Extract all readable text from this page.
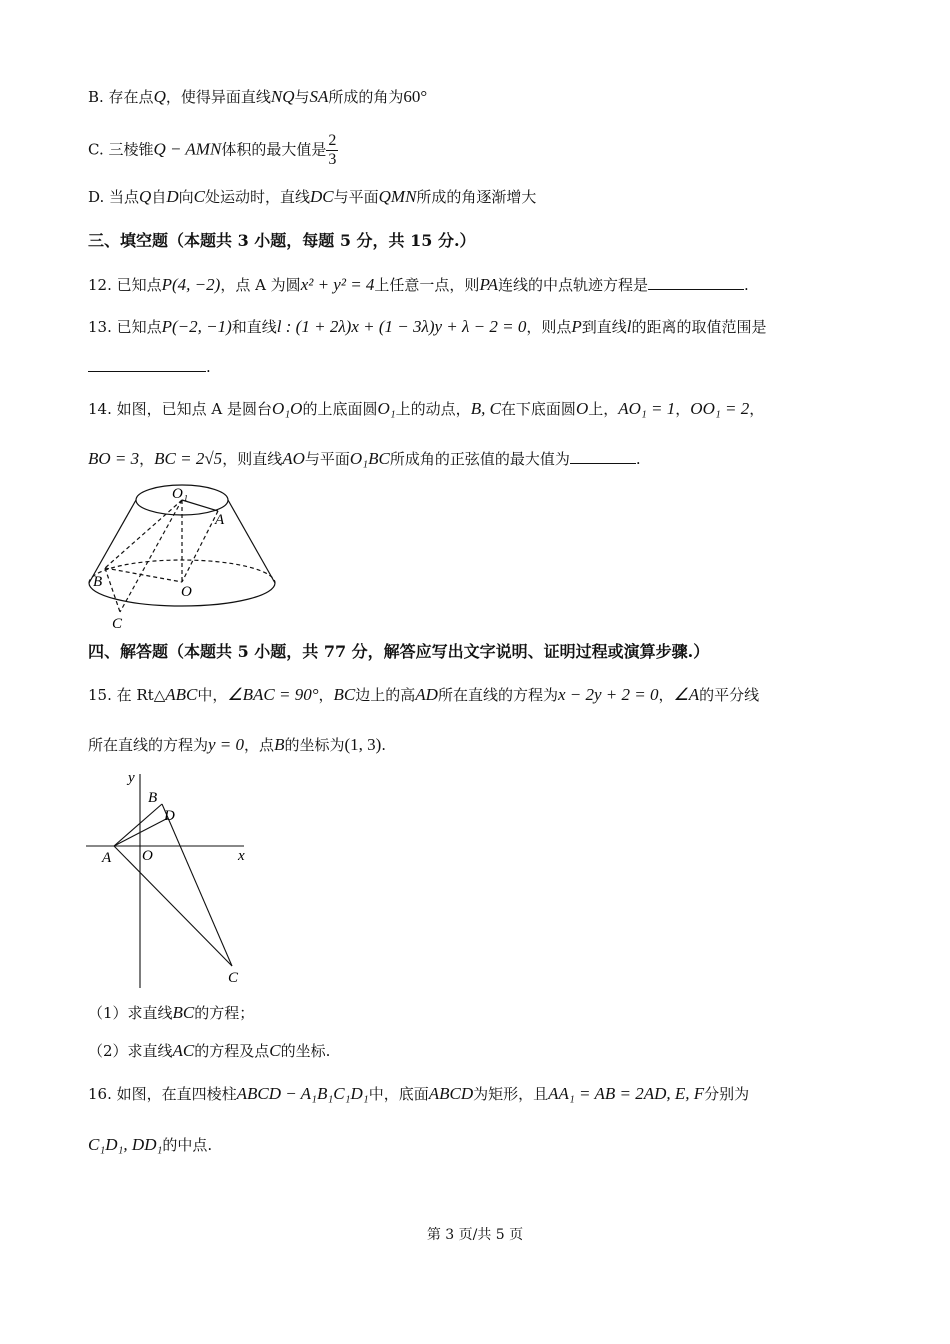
B. 存在点Q，使得异面直线NQ与SA所成的角为60°
C. 三棱锥Q − AMN体积的最大值是 $\frac{2}{3}$
D. 当点Q自D向C处运动时，直线DC与平面QMN所成的角逐渐增大
三、填空题（本题共 3 小题，每题 5 分，共 15 分.）
12. 已知点P(4, −2)，点 A 为圆x² + y² = 4上任意一点，则PA连线的中点轨迹方程是	.
13. 已知点P(−2, −1)和直线l : (1 + 2λ)x + (1 − 3λ)y + λ − 2 = 0，则点P到直线l的距离的取值范围是
.
14. 如图，已知点 A 是圆台O₁O的上底面圆O₁上的动点，B, C在下底面圆O上，AO₁ = 1，OO₁ = 2，
BO = 3，BC = 2√5，则直线AO与平面O₁BC所成角的正弦值的最大值为	.
O₁
A
B
O
C
四、解答题（本题共 5 小题，共 77 分，解答应写出文字说明、证明过程或演算步骤.）
15. 在 Rt△ABC中，∠BAC = 90°，BC边上的高AD所在直线的方程为x − 2y + 2 = 0，∠A的平分线
所在直线的方程为y = 0，点B的坐标为(1, 3).
y
x
B
D
A O
C
（1）求直线BC的方程；
（2）求直线AC的方程及点C的坐标.
16. 如图，在直四棱柱ABCD − A₁B₁C₁D₁中，底面ABCD为矩形，且AA₁ = AB = 2AD, E, F分别为
C₁D₁, DD₁的中点.
第 3 页/共 5 页
